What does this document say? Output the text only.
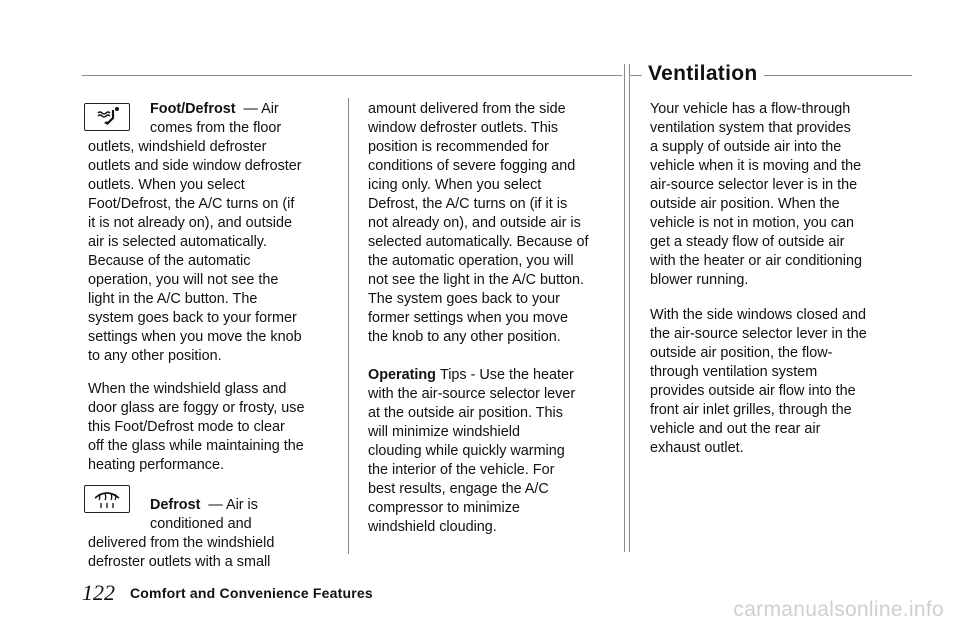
Ventilation

Foot/Defrost — Air

comes from the floor

outlets, windshield defroster

outlets and side window defroster

outlets. When you select

Foot/Defrost, the A/C turns on (if

it is not already on), and outside

air is selected automatically.

Because of the automatic

operation, you will not see the

light in the A/C button. The

system goes back to your former

settings when you move the knob

to any other position.

When the windshield glass and

door glass are foggy or frosty, use

this Foot/Defrost mode to clear

off the glass while maintaining the

heating performance.

Defrost — Air is

conditioned and

delivered from the windshield

defroster outlets with a small

amount delivered from the side

window defroster outlets. This

position is recommended for

conditions of severe fogging and

icing only. When you select

Defrost, the A/C turns on (if it is

not already on), and outside air is

selected automatically. Because of

the automatic operation, you will

not see the light in the A/C button.

The system goes back to your

former settings when you move

the knob to any other position.

Operating Tips - Use the heater

with the air-source selector lever

at the outside air position. This

will minimize windshield

clouding while quickly warming

the interior of the vehicle. For

best results, engage the A/C

compressor to minimize

windshield clouding.

Your vehicle has a flow-through

ventilation system that provides

a supply of outside air into the

vehicle when it is moving and the

air-source selector lever is in the

outside air position. When the

vehicle is not in motion, you can

get a steady flow of outside air

with the heater or air conditioning

blower running.

With the side windows closed and

the air-source selector lever in the

outside air position, the flow-

through ventilation system

provides outside air flow into the

front air inlet grilles, through the

vehicle and out the rear air

exhaust outlet.

122 Comfort and Convenience Features
carmanualsonline.info
